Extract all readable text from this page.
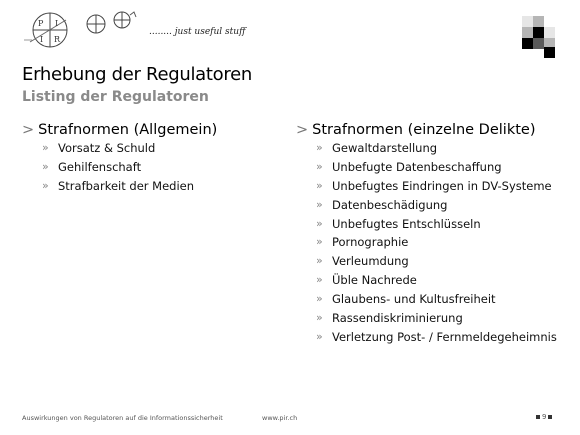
P I
I R
........ just useful stuff
Erhebung der Regulatoren
Listing der Regulatoren
> Strafnormen (Allgemein)
» Vorsatz & Schuld
» Gehilfenschaft
» Strafbarkeit der Medien
> Strafnormen (einzelne Delikte)
» Gewaltdarstellung
» Unbefugte Datenbeschaffung
» Unbefugtes Eindringen in DV-Systeme
» Datenbeschädigung
» Unbefugtes Entschlüsseln
» Pornographie
» Verleumdung
» Üble Nachrede
» Glaubens- und Kultusfreiheit
» Rassendiskriminierung
» Verletzung Post- / Fernmeldegeheimnis
Auswirkungen von Regulatoren auf die Informationssicherheit	www.pir.ch	9
